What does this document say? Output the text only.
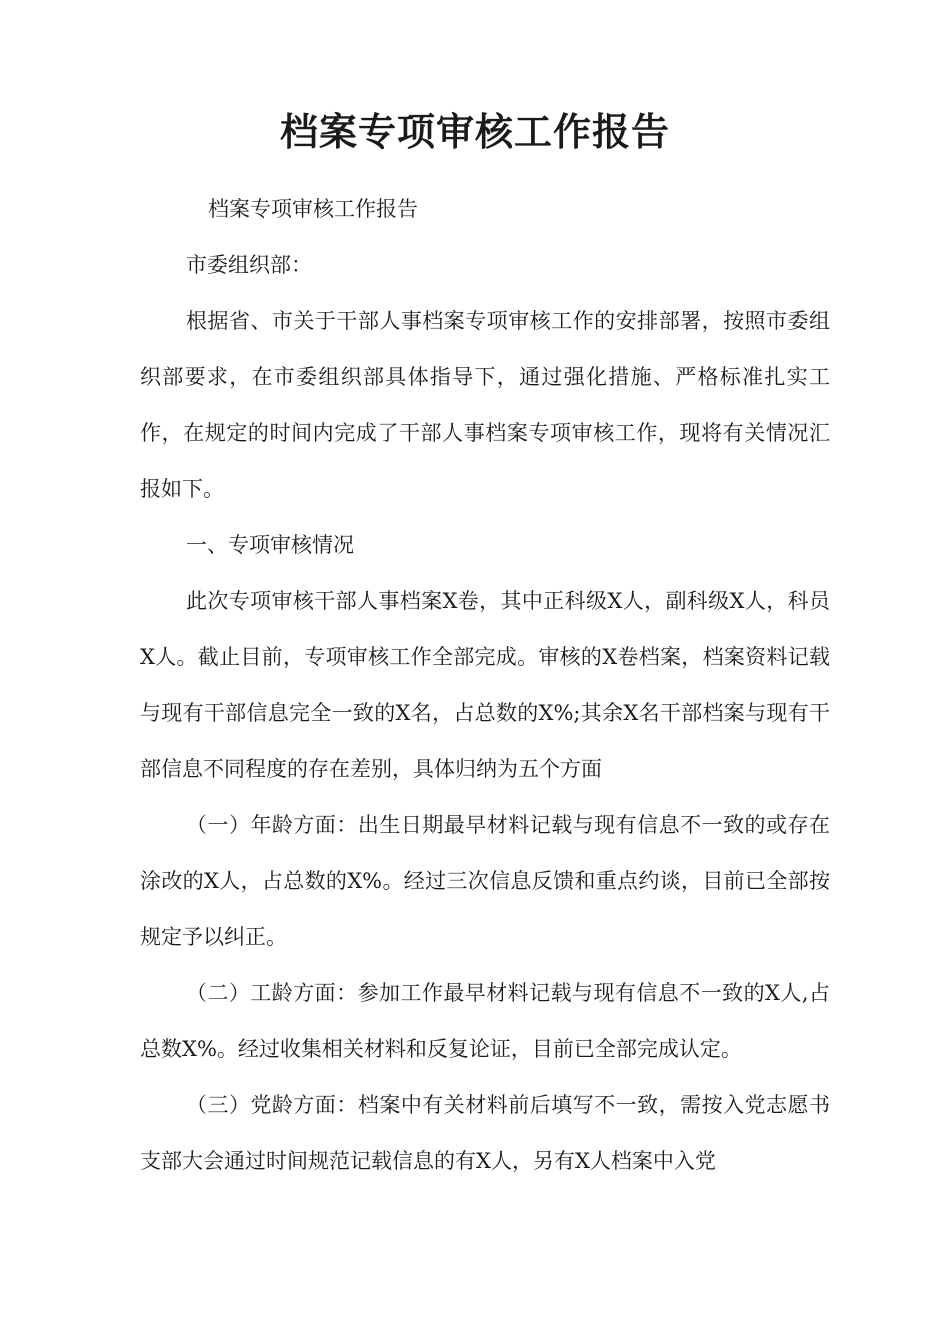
档案专项审核工作报告

档案专项审核工作报告

市委组织部：

根据省、市关于干部人事档案专项审核工作的安排部署，按照市委组织部要求，在市委组织部具体指导下，通过强化措施、严格标准扎实工作，在规定的时间内完成了干部人事档案专项审核工作，现将有关情况汇报如下。

一、专项审核情况

此次专项审核干部人事档案X卷，其中正科级X人，副科级X人，科员X人。截止目前，专项审核工作全部完成。审核的X卷档案，档案资料记载与现有干部信息完全一致的X名，占总数的X%;其余X名干部档案与现有干部信息不同程度的存在差别，具体归纳为五个方面

（一）年龄方面：出生日期最早材料记载与现有信息不一致的或存在涂改的X人，占总数的X%。经过三次信息反馈和重点约谈，目前已全部按规定予以纠正。

（二）工龄方面：参加工作最早材料记载与现有信息不一致的X人,占总数X%。经过收集相关材料和反复论证，目前已全部完成认定。

（三）党龄方面：档案中有关材料前后填写不一致，需按入党志愿书支部大会通过时间规范记载信息的有X人，另有X人档案中入党
